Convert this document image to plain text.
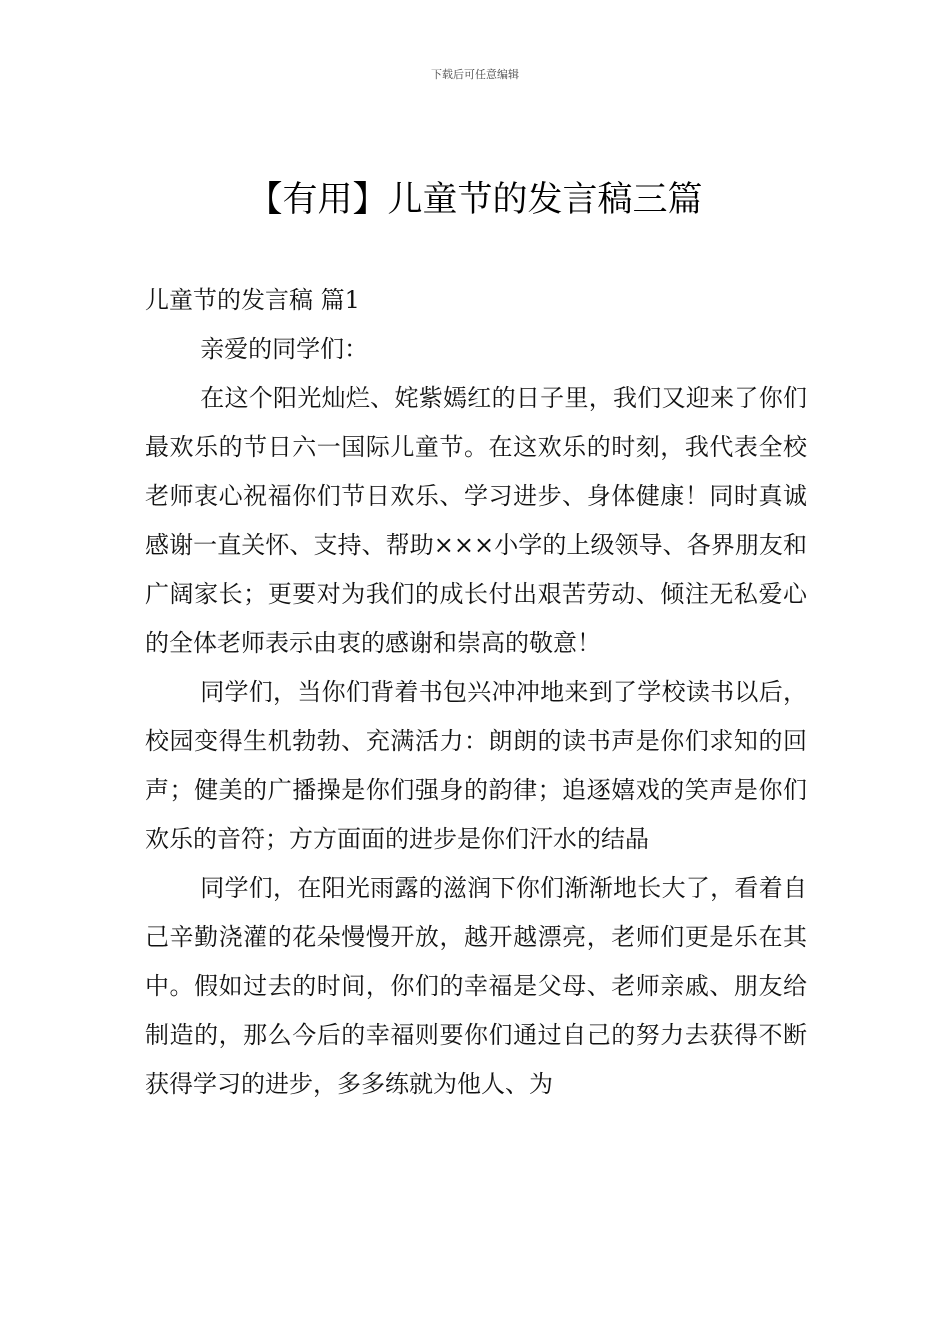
下载后可任意编辑
【有用】儿童节的发言稿三篇

儿童节的发言稿 篇1

亲爱的同学们：

在这个阳光灿烂、姹紫嫣红的日子里，我们又迎来了你们最欢乐的节日六一国际儿童节。在这欢乐的时刻，我代表全校老师衷心祝福你们节日欢乐、学习进步、身体健康！同时真诚感谢一直关怀、支持、帮助×××小学的上级领导、各界朋友和广阔家长；更要对为我们的成长付出艰苦劳动、倾注无私爱心的全体老师表示由衷的感谢和崇高的敬意！

同学们，当你们背着书包兴冲冲地来到了学校读书以后，校园变得生机勃勃、充满活力：朗朗的读书声是你们求知的回声；健美的广播操是你们强身的韵律；追逐嬉戏的笑声是你们欢乐的音符；方方面面的进步是你们汗水的结晶

同学们，在阳光雨露的滋润下你们渐渐地长大了，看着自己辛勤浇灌的花朵慢慢开放，越开越漂亮，老师们更是乐在其中。假如过去的时间，你们的幸福是父母、老师亲戚、朋友给制造的，那么今后的幸福则要你们通过自己的努力去获得不断获得学习的进步，多多练就为他人、为
